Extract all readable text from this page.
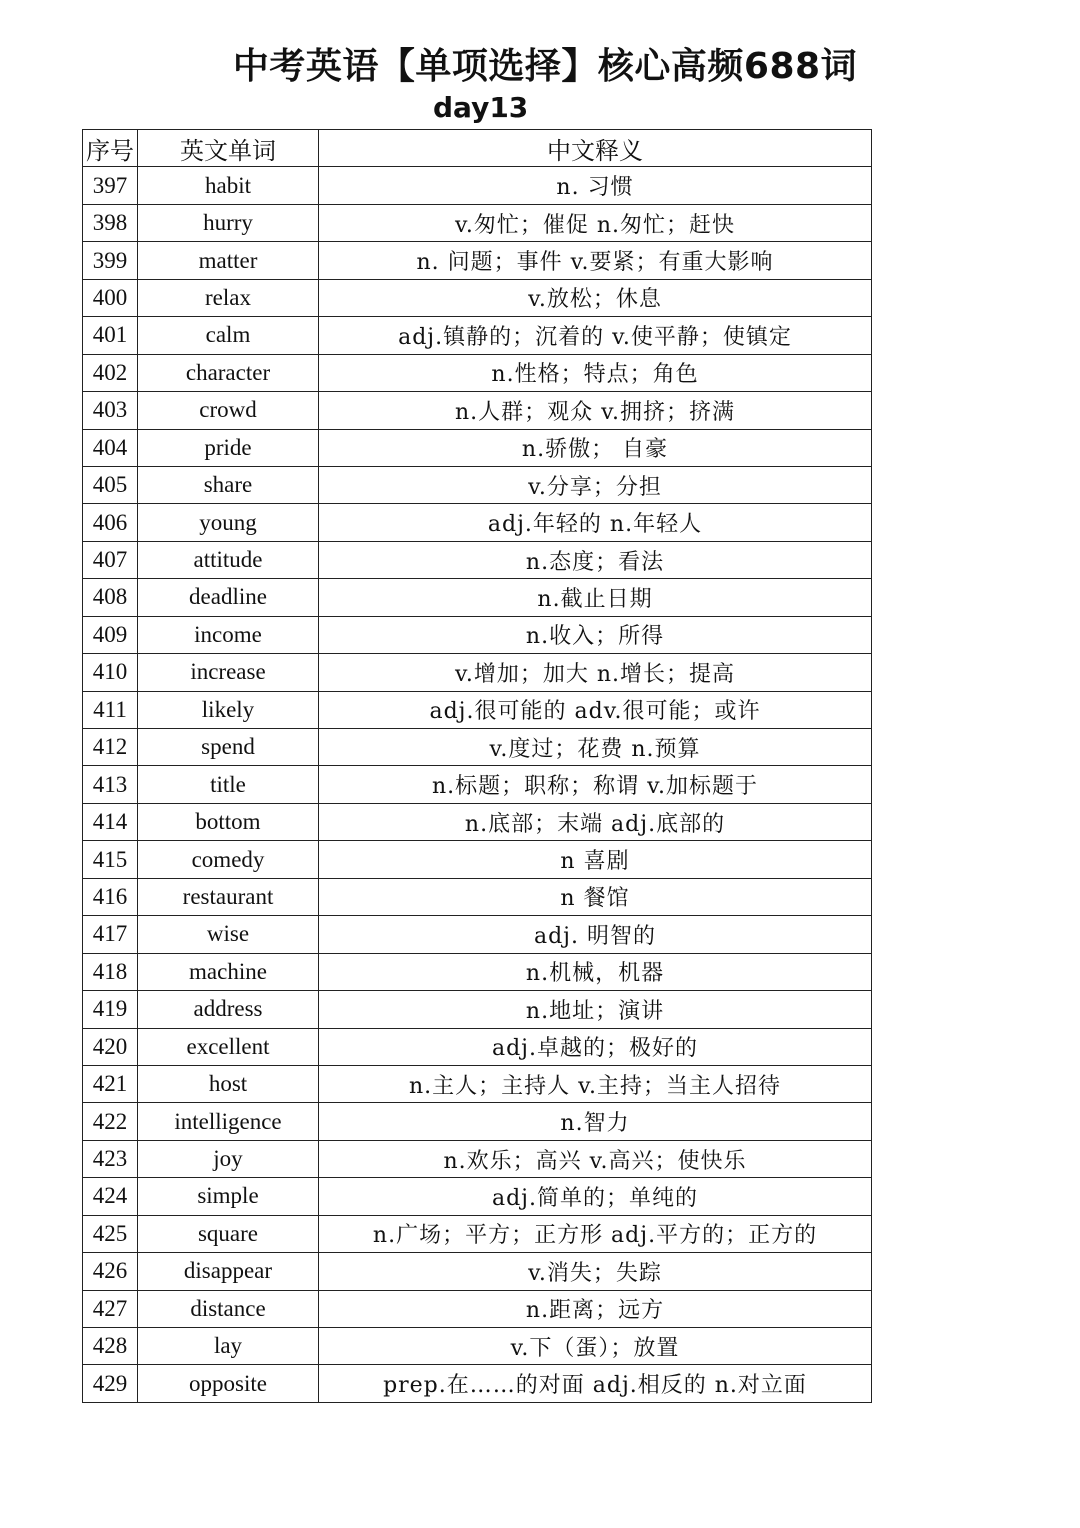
中考英语【单项选择】核心高频688词
day13
序号	英文单词	中文释义
397	habit	n. 习惯
398	hurry	v.匆忙；催促 n.匆忙；赶快
399	matter	n. 问题；事件 v.要紧；有重大影响
400	relax	v.放松；休息
401	calm	adj.镇静的；沉着的 v.使平静；使镇定
402	character	n.性格；特点；角色
403	crowd	n.人群；观众 v.拥挤；挤满
404	pride	n.骄傲； 自豪
405	share	v.分享；分担
406	young	adj.年轻的 n.年轻人
407	attitude	n.态度；看法
408	deadline	n.截止日期
409	income	n.收入；所得
410	increase	v.增加；加大 n.增长；提高
411	likely	adj.很可能的 adv.很可能；或许
412	spend	v.度过；花费 n.预算
413	title	n.标题；职称；称谓 v.加标题于
414	bottom	n.底部；末端 adj.底部的
415	comedy	n 喜剧
416	restaurant	n 餐馆
417	wise	adj. 明智的
418	machine	n.机械，机器
419	address	n.地址；演讲
420	excellent	adj.卓越的；极好的
421	host	n.主人；主持人 v.主持；当主人招待
422	intelligence	n.智力
423	joy	n.欢乐；高兴 v.高兴；使快乐
424	simple	adj.简单的；单纯的
425	square	n.广场；平方；正方形 adj.平方的；正方的
426	disappear	v.消失；失踪
427	distance	n.距离；远方
428	lay	v.下（蛋）；放置
429	opposite	prep.在……的对面 adj.相反的 n.对立面
